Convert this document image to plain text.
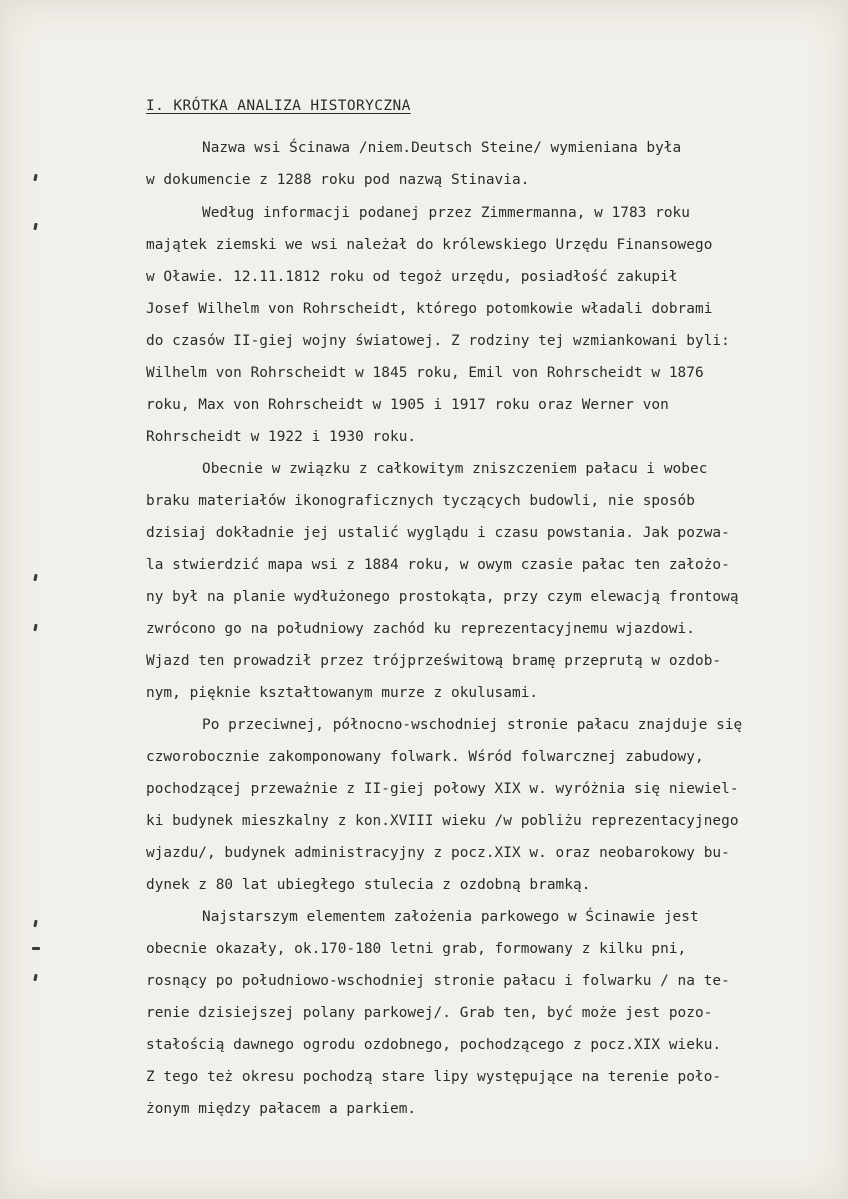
I. KRÓTKA ANALIZA HISTORYCZNA
Nazwa wsi Ścinawa /niem.Deutsch Steine/ wymieniana była
w dokumencie z 1288 roku pod nazwą Stinavia.
Według informacji podanej przez Zimmermanna, w 1783 roku
majątek ziemski we wsi należał do królewskiego Urzędu Finansowego
w Oławie. 12.11.1812 roku od tegoż urzędu, posiadłość zakupił
Josef Wilhelm von Rohrscheidt, którego potomkowie władali dobrami
do czasów II-giej wojny światowej. Z rodziny tej wzmiankowani byli:
Wilhelm von Rohrscheidt w 1845 roku, Emil von Rohrscheidt w 1876
roku, Max von Rohrscheidt w 1905 i 1917 roku oraz Werner von
Rohrscheidt w 1922 i 1930 roku.
Obecnie w związku z całkowitym zniszczeniem pałacu i wobec
braku materiałów ikonograficznych tyczących budowli, nie sposób
dzisiaj dokładnie jej ustalić wyglądu i czasu powstania. Jak pozwa-
la stwierdzić mapa wsi z 1884 roku, w owym czasie pałac ten założo-
ny był na planie wydłużonego prostokąta, przy czym elewacją frontową
zwrócono go na południowy zachód ku reprezentacyjnemu wjazdowi.
Wjazd ten prowadził przez trójprześwitową bramę przeprutą w ozdob-
nym, pięknie kształtowanym murze z okulusami.
Po przeciwnej, północno-wschodniej stronie pałacu znajduje się
czworobocznie zakomponowany folwark. Wśród folwarcznej zabudowy,
pochodzącej przeważnie z II-giej połowy XIX w. wyróżnia się niewiel-
ki budynek mieszkalny z kon.XVIII wieku /w pobliżu reprezentacyjnego
wjazdu/, budynek administracyjny z pocz.XIX w. oraz neobarokowy bu-
dynek z 80 lat ubiegłego stulecia z ozdobną bramką.
Najstarszym elementem założenia parkowego w Ścinawie jest
obecnie okazały, ok.170-180 letni grab, formowany z kilku pni,
rosnący po południowo-wschodniej stronie pałacu i folwarku / na te-
renie dzisiejszej polany parkowej/. Grab ten, być może jest pozo-
stałością dawnego ogrodu ozdobnego, pochodzącego z pocz.XIX wieku.
Z tego też okresu pochodzą stare lipy występujące na terenie poło-
żonym między pałacem a parkiem.
